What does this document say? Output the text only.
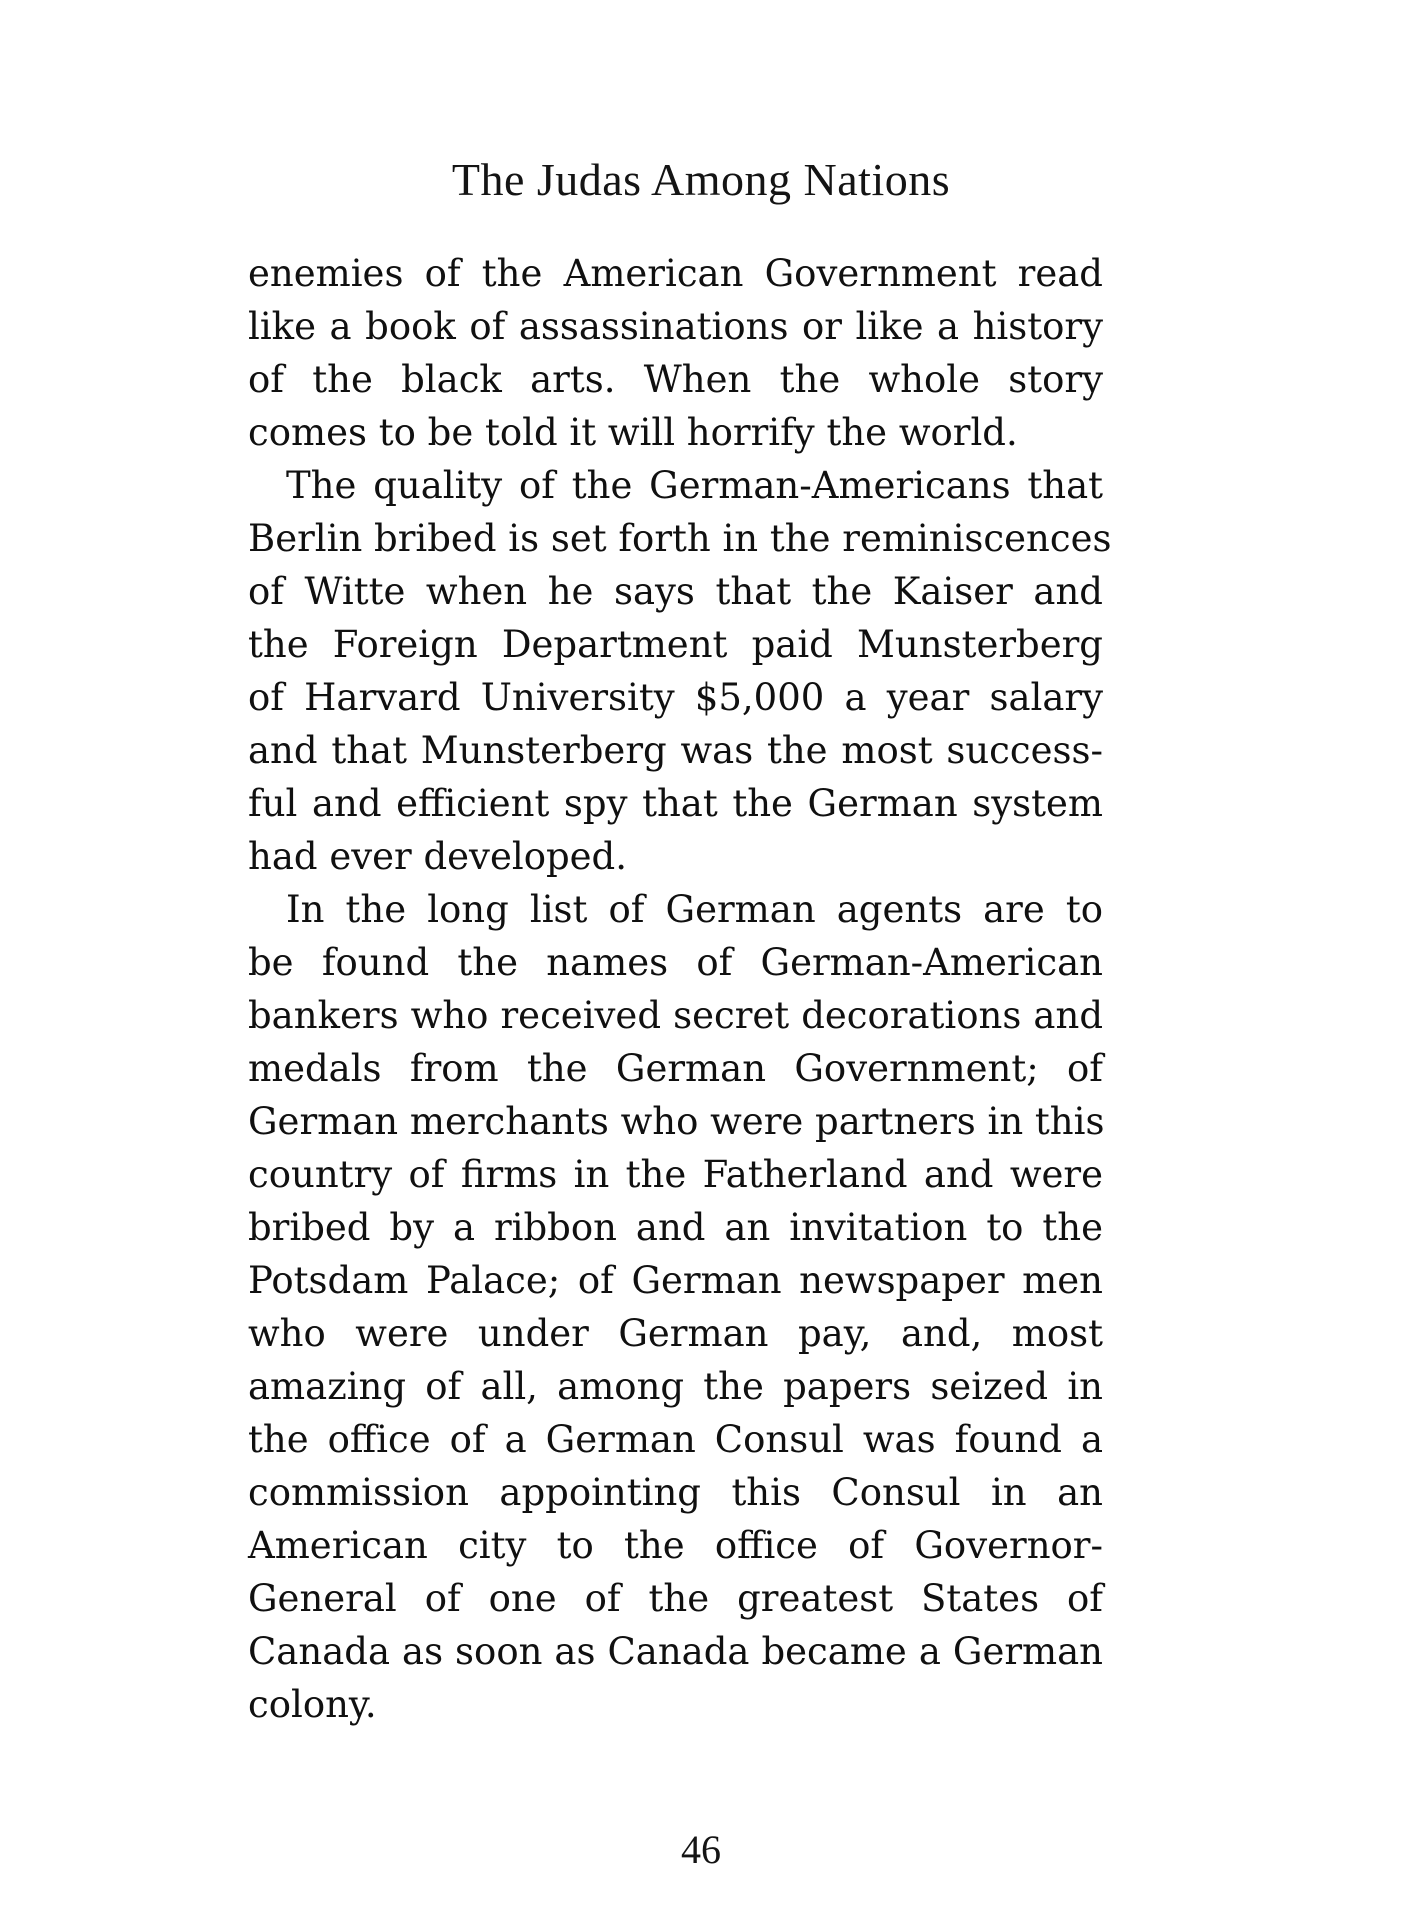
The Judas Among Nations
enemies of the American Government read
like a book of assassinations or like a history
of the black arts. When the whole story
comes to be told it will horrify the world.
The quality of the German-Americans that
Berlin bribed is set forth in the reminiscences
of Witte when he says that the Kaiser and
the Foreign Department paid Munsterberg
of Harvard University $5,000 a year salary
and that Munsterberg was the most success-
ful and efficient spy that the German system
had ever developed.
In the long list of German agents are to
be found the names of German-American
bankers who received secret decorations and
medals from the German Government; of
German merchants who were partners in this
country of firms in the Fatherland and were
bribed by a ribbon and an invitation to the
Potsdam Palace; of German newspaper men
who were under German pay, and, most
amazing of all, among the papers seized in
the office of a German Consul was found a
commission appointing this Consul in an
American city to the office of Governor-
General of one of the greatest States of
Canada as soon as Canada became a German
colony.
46
